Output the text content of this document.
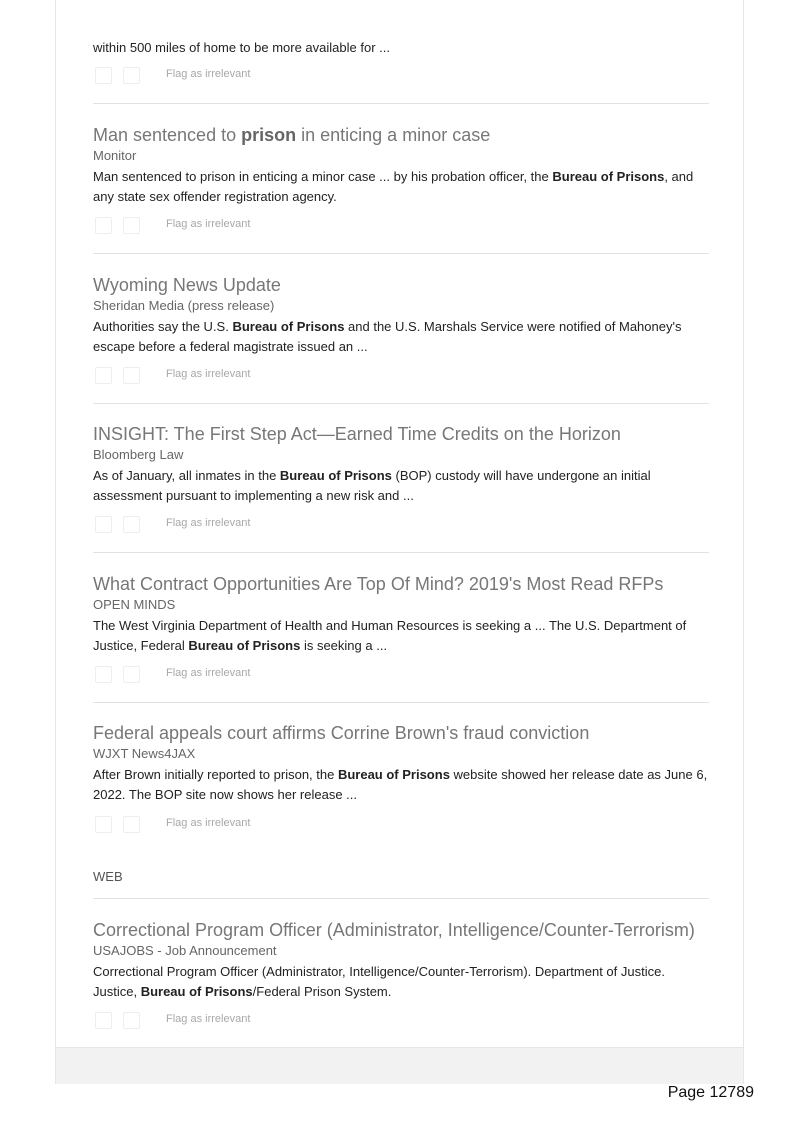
within 500 miles of home to be more available for ...
Flag as irrelevant
Man sentenced to prison in enticing a minor case
Monitor
Man sentenced to prison in enticing a minor case ... by his probation officer, the Bureau of Prisons, and any state sex offender registration agency.
Flag as irrelevant
Wyoming News Update
Sheridan Media (press release)
Authorities say the U.S. Bureau of Prisons and the U.S. Marshals Service were notified of Mahoney's escape before a federal magistrate issued an ...
Flag as irrelevant
INSIGHT: The First Step Act—Earned Time Credits on the Horizon
Bloomberg Law
As of January, all inmates in the Bureau of Prisons (BOP) custody will have undergone an initial assessment pursuant to implementing a new risk and ...
Flag as irrelevant
What Contract Opportunities Are Top Of Mind? 2019's Most Read RFPs
OPEN MINDS
The West Virginia Department of Health and Human Resources is seeking a ... The U.S. Department of Justice, Federal Bureau of Prisons is seeking a ...
Flag as irrelevant
Federal appeals court affirms Corrine Brown's fraud conviction
WJXT News4JAX
After Brown initially reported to prison, the Bureau of Prisons website showed her release date as June 6, 2022. The BOP site now shows her release ...
Flag as irrelevant
WEB
Correctional Program Officer (Administrator, Intelligence/Counter-Terrorism)
USAJOBS - Job Announcement
Correctional Program Officer (Administrator, Intelligence/Counter-Terrorism). Department of Justice. Justice, Bureau of Prisons/Federal Prison System.
Flag as irrelevant
Page 12789
